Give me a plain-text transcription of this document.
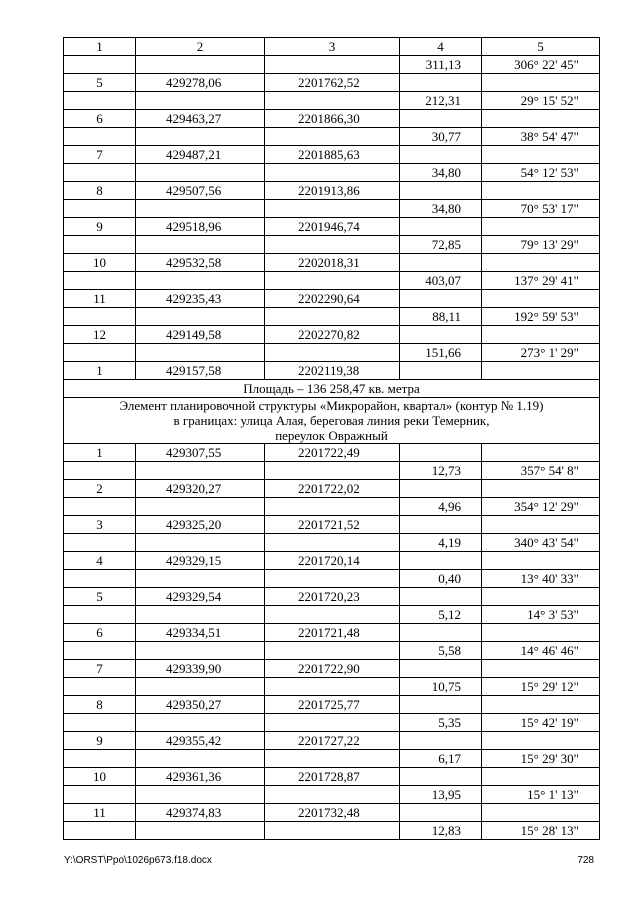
1	2	3	4	5
			311,13	306° 22' 45"
5	429278,06	2201762,52		
			212,31	29° 15' 52"
6	429463,27	2201866,30		
			30,77	38° 54' 47"
7	429487,21	2201885,63		
			34,80	54° 12' 53"
8	429507,56	2201913,86		
			34,80	70° 53' 17"
9	429518,96	2201946,74		
			72,85	79° 13' 29"
10	429532,58	2202018,31		
			403,07	137° 29' 41"
11	429235,43	2202290,64		
			88,11	192° 59' 53"
12	429149,58	2202270,82		
			151,66	273° 1' 29"
1	429157,58	2202119,38		
Площадь – 136 258,47 кв. метра				

Элемент планировочной структуры «Микрорайон, квартал» (контур № 1.19)
в границах: улица Алая, береговая линия реки Темерник,
переулок Овражный				

1	429307,55	2201722,49		
			12,73	357° 54' 8"
2	429320,27	2201722,02		
			4,96	354° 12' 29"
3	429325,20	2201721,52		
			4,19	340° 43' 54"
4	429329,15	2201720,14		
			0,40	13° 40' 33"
5	429329,54	2201720,23		
			5,12	14° 3' 53"
6	429334,51	2201721,48		
			5,58	14° 46' 46"
7	429339,90	2201722,90		
			10,75	15° 29' 12"
8	429350,27	2201725,77		
			5,35	15° 42' 19"
9	429355,42	2201727,22		
			6,17	15° 29' 30"
10	429361,36	2201728,87		
			13,95	15° 1' 13"
11	429374,83	2201732,48		
			12,83	15° 28' 13"
Y:\ORST\Ppo\1026p673.f18.docx	728
